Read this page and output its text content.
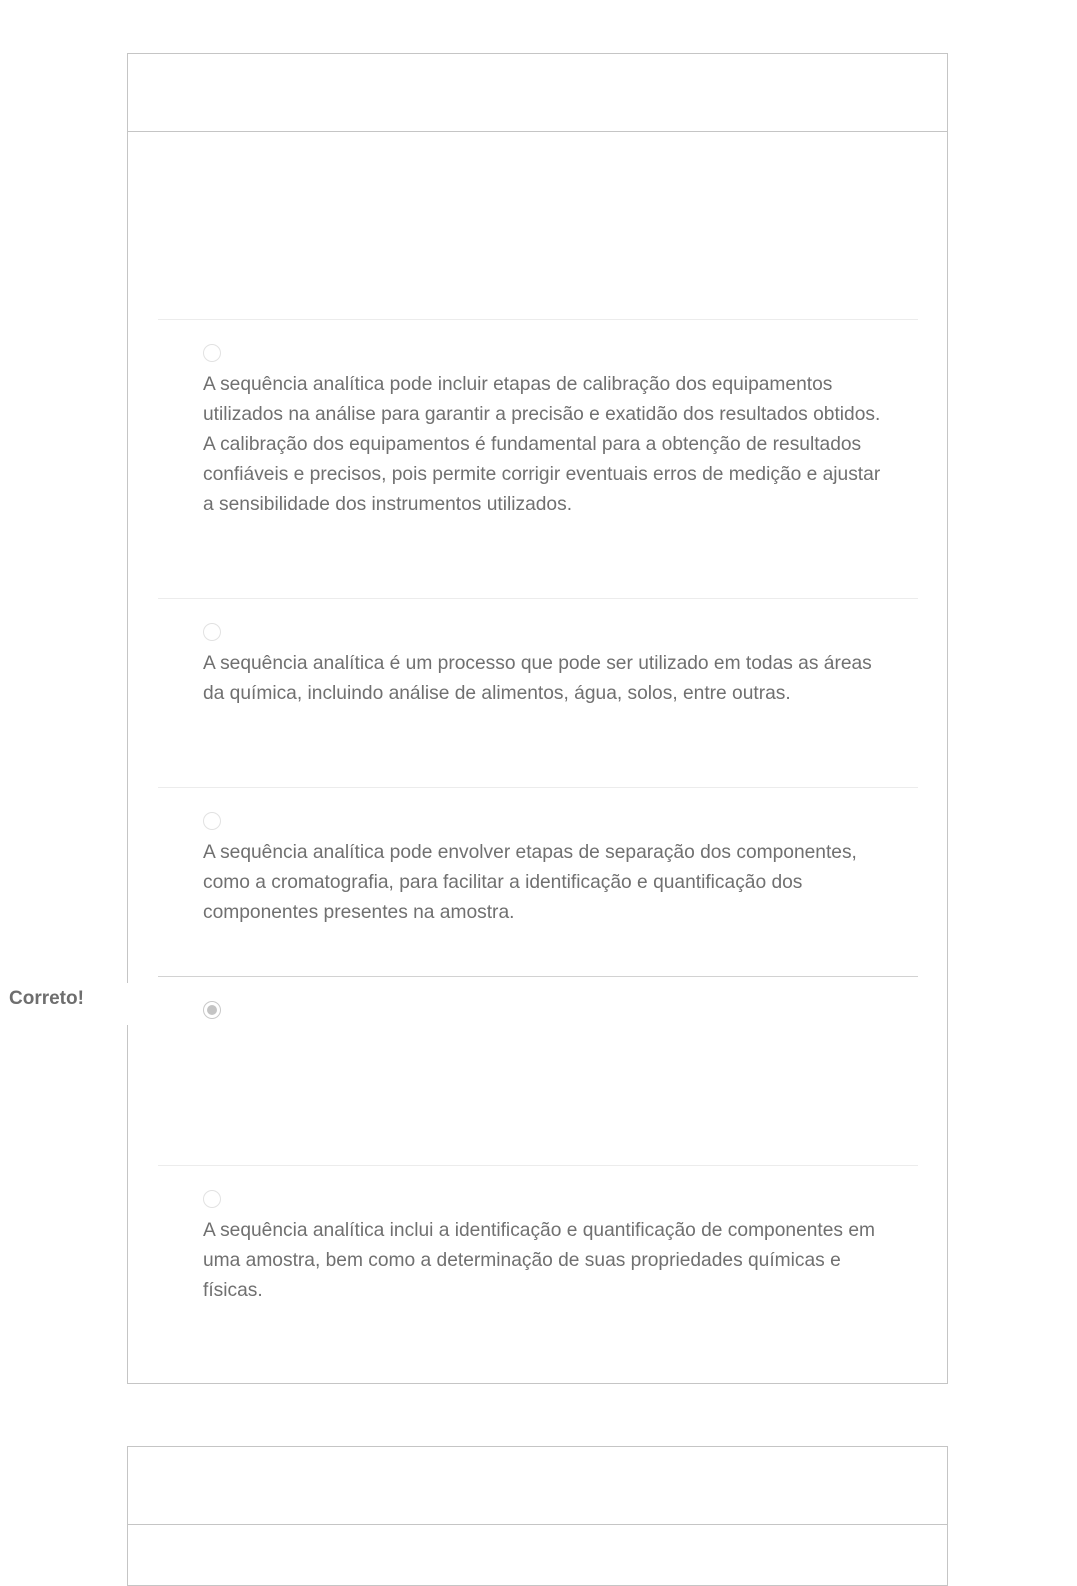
A sequência analítica pode incluir etapas de calibração dos equipamentos utilizados na análise para garantir a precisão e exatidão dos resultados obtidos. A calibração dos equipamentos é fundamental para a obtenção de resultados confiáveis e precisos, pois permite corrigir eventuais erros de medição e ajustar a sensibilidade dos instrumentos utilizados.
A sequência analítica é um processo que pode ser utilizado em todas as áreas da química, incluindo análise de alimentos, água, solos, entre outras.
A sequência analítica pode envolver etapas de separação dos componentes, como a cromatografia, para facilitar a identificação e quantificação dos componentes presentes na amostra.
A sequência analítica inclui a identificação e quantificação de componentes em uma amostra, bem como a determinação de suas propriedades químicas e físicas.
Correto!
